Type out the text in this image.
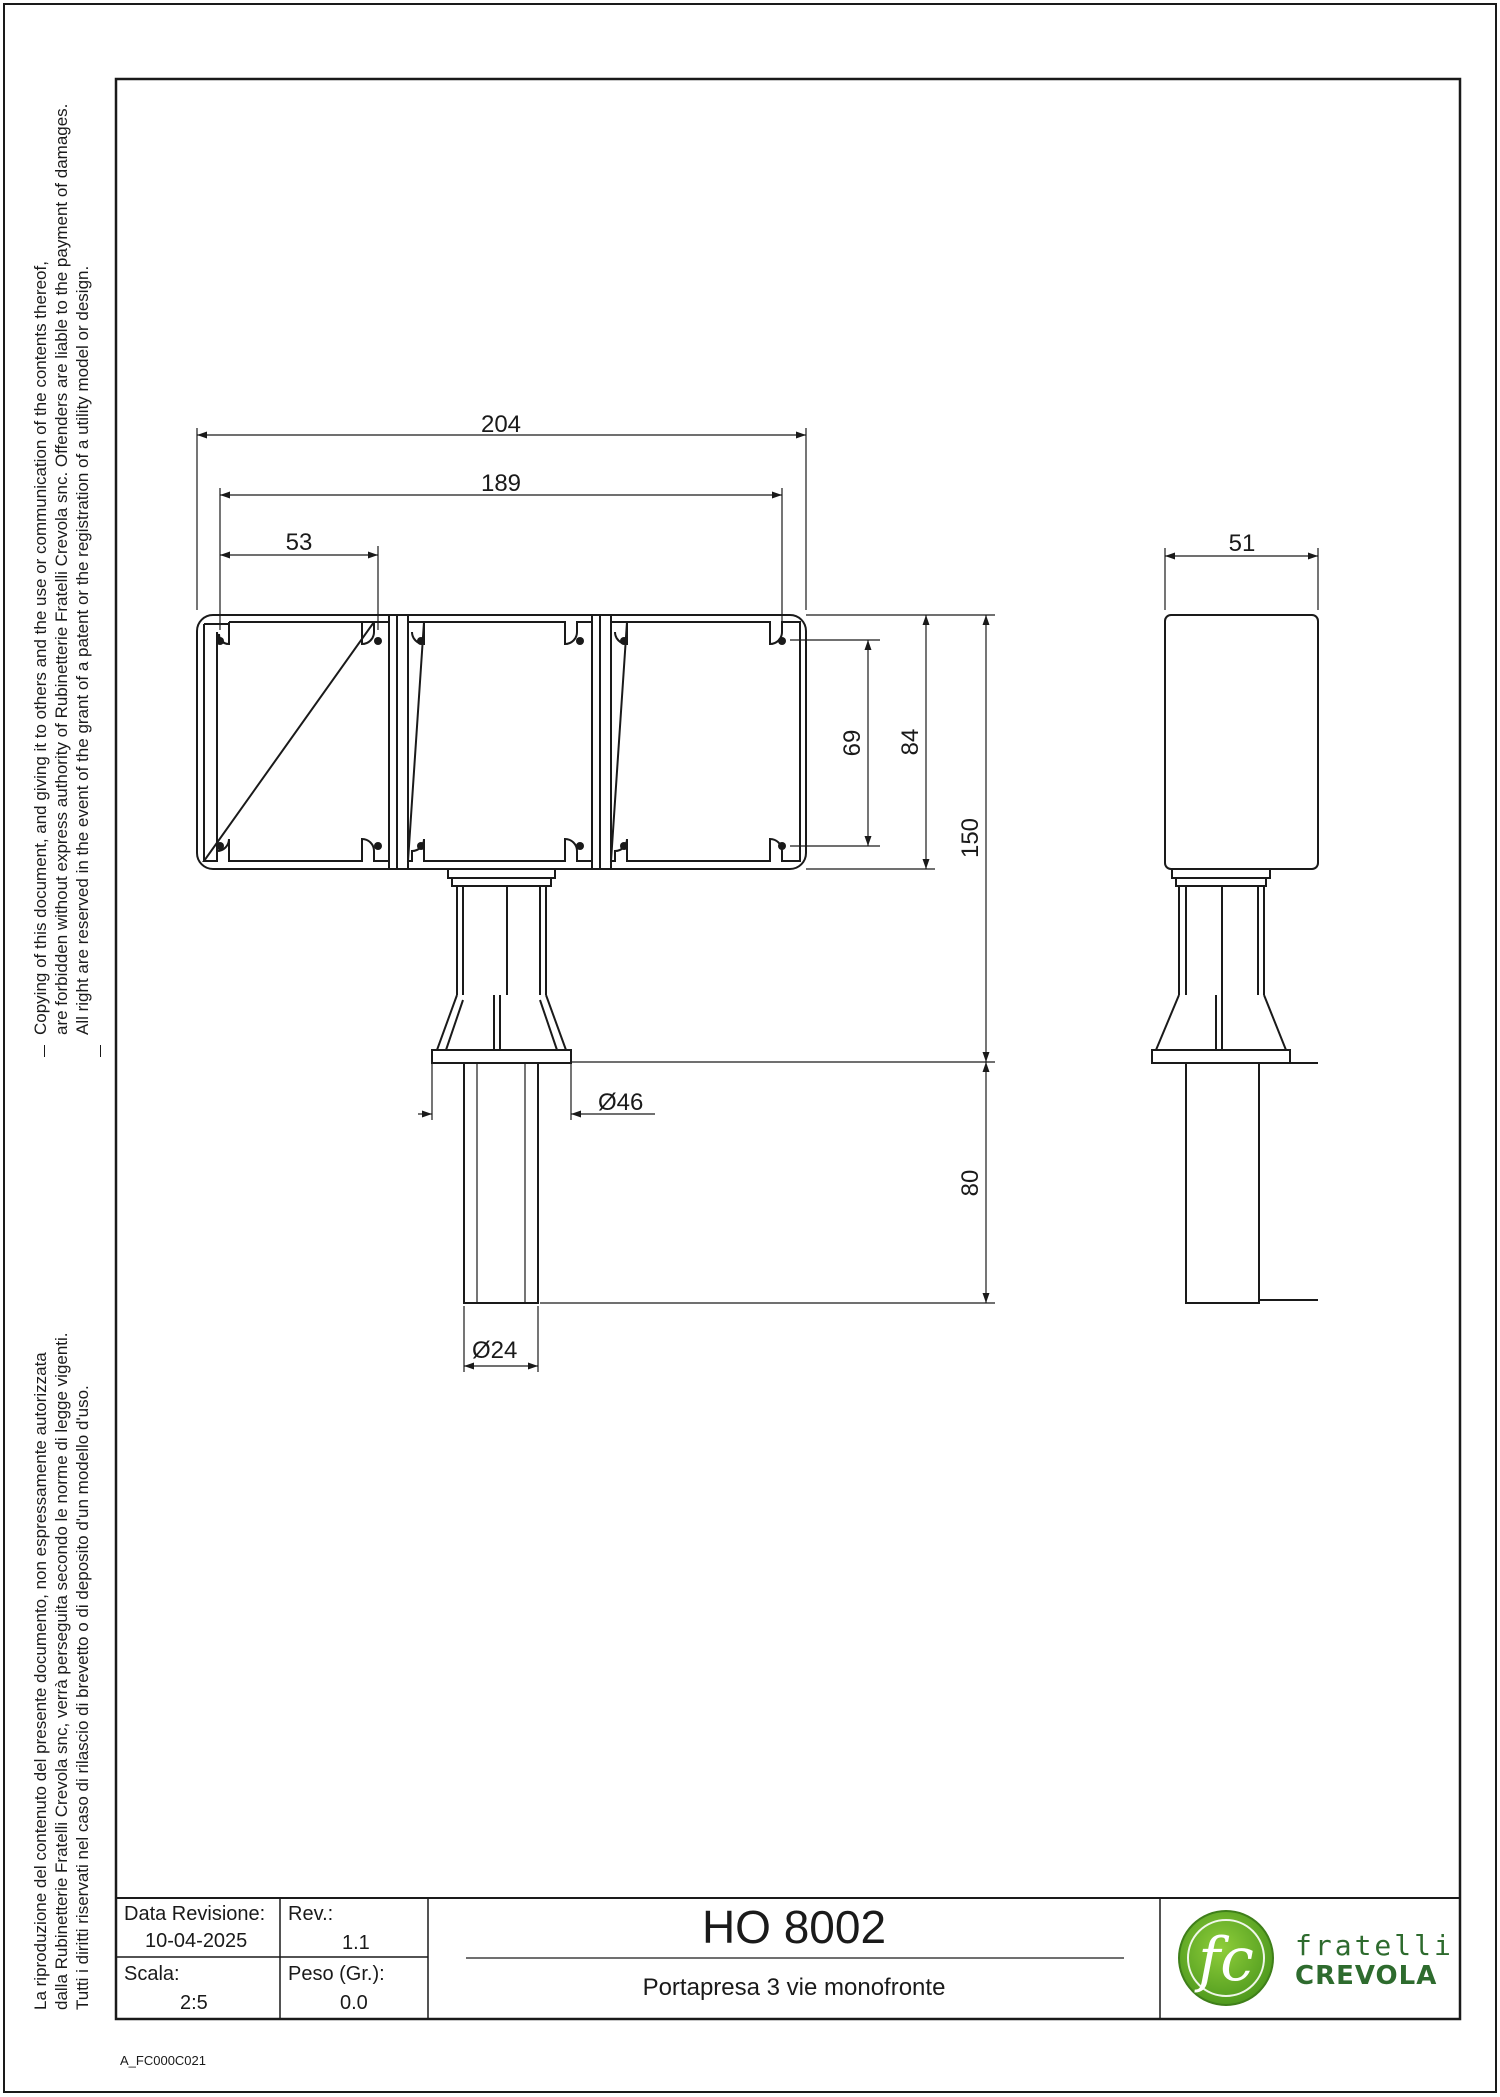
204
189
53	51
69 84
150
80
Ø46
Ø24
fc fratelli
CREVOLA
Copying of this document, and giving it to others and the use or communication of the contents thereof, are forbidden without express authority of Rubinetterie Fratelli Crevola snc. Offenders are liable to the payment of damages. All right are reserved in the event of the grant of a patent or the registration of a utility model or design.
La riproduzione del contenuto del presente documento, non espressamente autorizzata dalla Rubinetterie Fratelli Crevola snc, verrà perseguita secondo le norme di legge vigenti. Tutti i diritti riservati nel caso di rilascio di brevetto o di deposito d'un modello d'uso. Data Revisione:
10-04-2025
Rev.:
1.1
Scala:
2:5
Peso (Gr.):
0.0
HO 8002
Portapresa 3 vie monofronte
A_FC000C021
